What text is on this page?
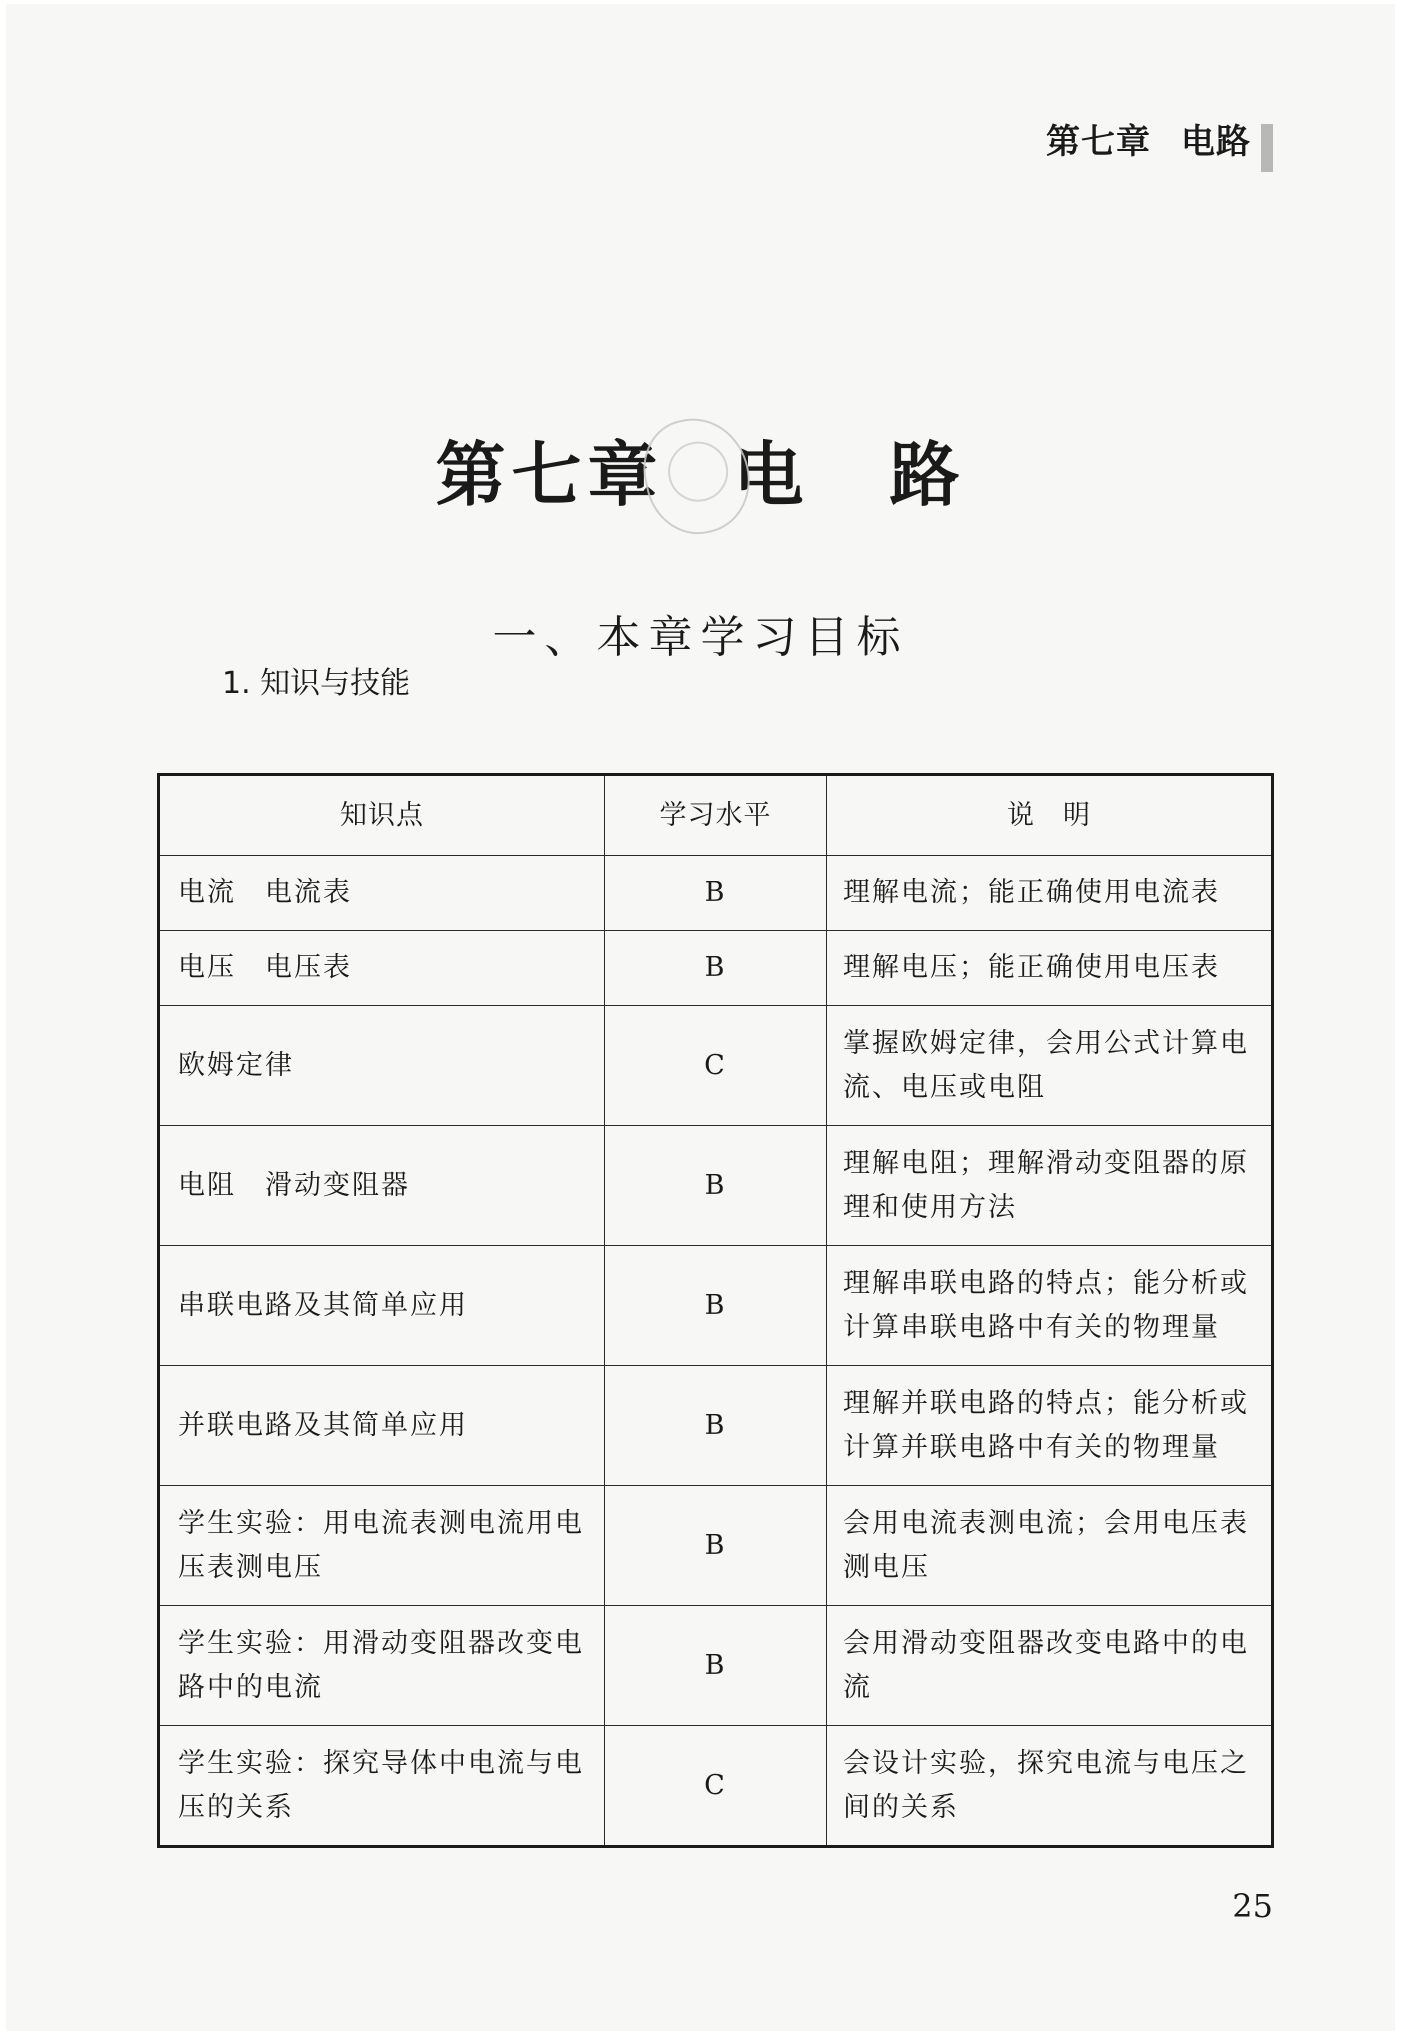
第七章 电路
第七章 电 路
一、本章学习目标
1. 知识与技能
知识点	学习水平	说　明
电流　电流表	B	理解电流；能正确使用电流表
电压　电压表	B	理解电压；能正确使用电压表
欧姆定律	C	掌握欧姆定律，会用公式计算电流、电压或电阻
电阻　滑动变阻器	B	理解电阻；理解滑动变阻器的原理和使用方法
串联电路及其简单应用	B	理解串联电路的特点；能分析或计算串联电路中有关的物理量
并联电路及其简单应用	B	理解并联电路的特点；能分析或计算并联电路中有关的物理量
学生实验：用电流表测电流用电压表测电压	B	会用电流表测电流；会用电压表测电压
学生实验：用滑动变阻器改变电路中的电流	B	会用滑动变阻器改变电路中的电流
学生实验：探究导体中电流与电压的关系	C	会设计实验，探究电流与电压之间的关系
25
